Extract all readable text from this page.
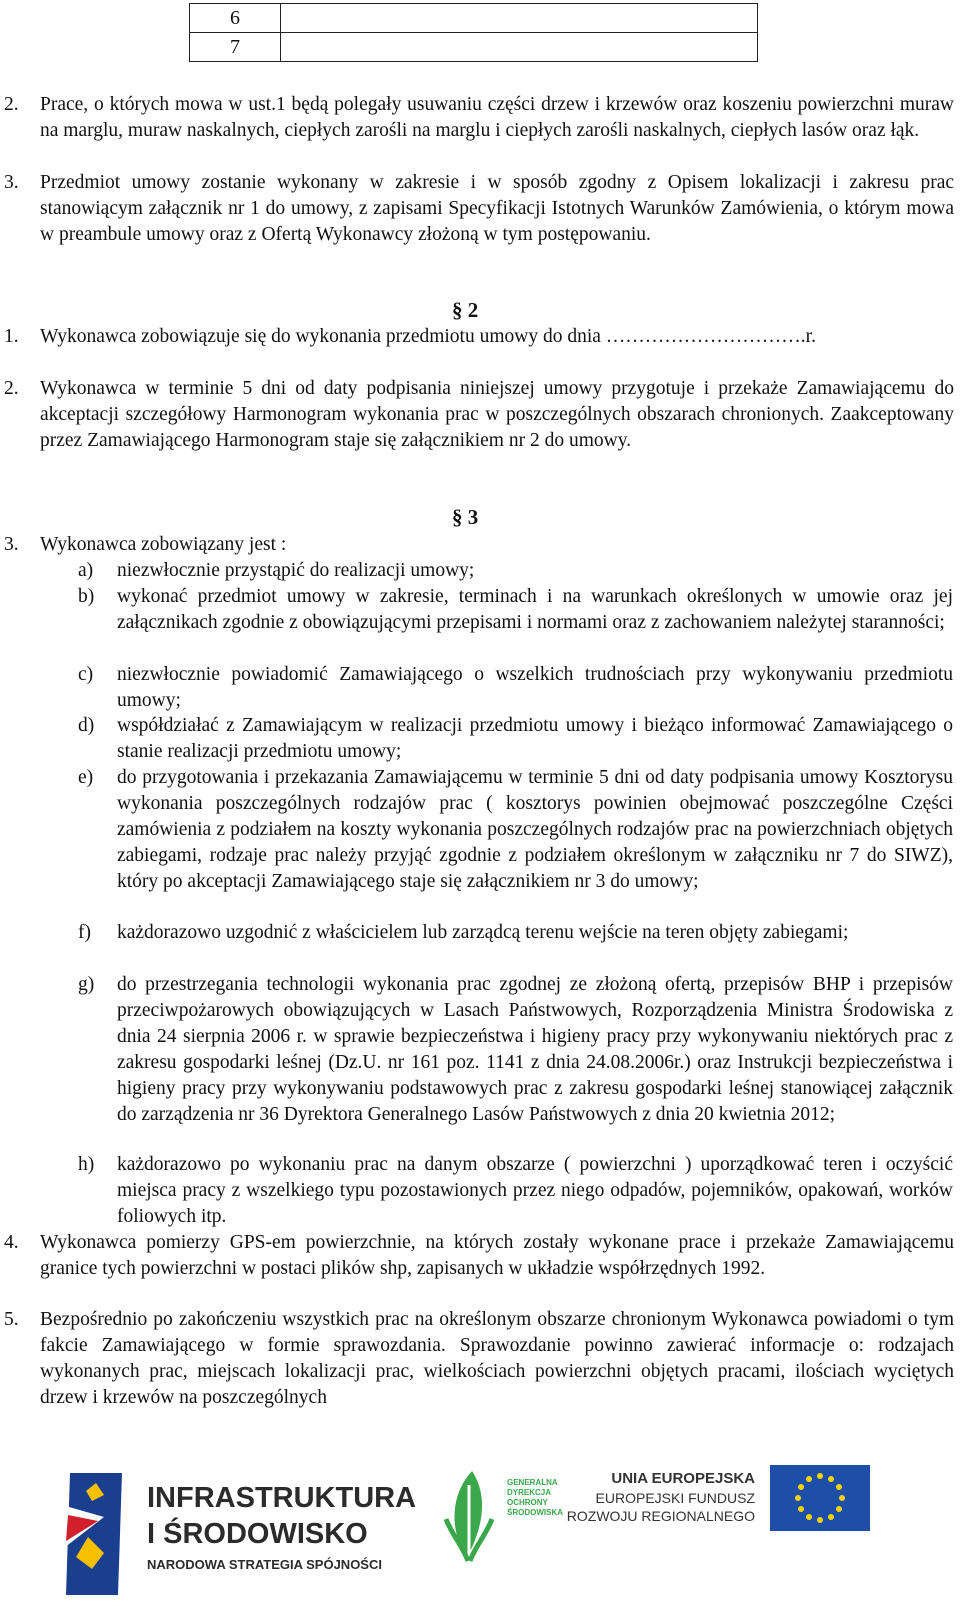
6	
7	

2. Prace, o których mowa w ust.1 będą polegały usuwaniu części drzew i krzewów oraz koszeniu powierzchni muraw na marglu, muraw naskalnych, ciepłych zarośli na marglu i ciepłych zarośli naskalnych, ciepłych lasów oraz łąk.

3. Przedmiot umowy zostanie wykonany w zakresie i w sposób zgodny z Opisem lokalizacji i zakresu prac stanowiącym załącznik nr 1 do umowy, z zapisami Specyfikacji Istotnych Warunków Zamówienia, o którym mowa w preambule umowy oraz z Ofertą Wykonawcy złożoną w tym postępowaniu.

§ 2

1. Wykonawca zobowiązuje się do wykonania przedmiotu umowy do dnia ………………………….r.

2. Wykonawca w terminie 5 dni od daty podpisania niniejszej umowy przygotuje i przekaże Zamawiającemu do akceptacji szczegółowy Harmonogram wykonania prac w poszczególnych obszarach chronionych. Zaakceptowany przez Zamawiającego Harmonogram staje się załącznikiem nr 2 do umowy.

§ 3

3. Wykonawca zobowiązany jest :

a) niezwłocznie przystąpić do realizacji umowy;

b) wykonać przedmiot umowy w zakresie, terminach i na warunkach określonych w umowie oraz jej załącznikach zgodnie z obowiązującymi przepisami i normami oraz z zachowaniem należytej staranności;

c) niezwłocznie powiadomić Zamawiającego o wszelkich trudnościach przy wykonywaniu przedmiotu umowy;

d) współdziałać z Zamawiającym w realizacji przedmiotu umowy i bieżąco informować Zamawiającego o stanie realizacji przedmiotu umowy;

e) do przygotowania i przekazania Zamawiającemu w terminie 5 dni od daty podpisania umowy Kosztorysu wykonania poszczególnych rodzajów prac ( kosztorys powinien obejmować poszczególne Części zamówienia z podziałem na koszty wykonania poszczególnych rodzajów prac na powierzchniach objętych zabiegami, rodzaje prac należy przyjąć zgodnie z podziałem określonym w załączniku nr 7 do SIWZ), który po akceptacji Zamawiającego staje się załącznikiem nr 3 do umowy;

f) każdorazowo uzgodnić z właścicielem lub zarządcą terenu wejście na teren objęty zabiegami;

g) do przestrzegania technologii wykonania prac zgodnej ze złożoną ofertą, przepisów BHP i przepisów przeciwpożarowych obowiązujących w Lasach Państwowych, Rozporządzenia Ministra Środowiska z dnia 24 sierpnia 2006 r. w sprawie bezpieczeństwa i higieny pracy przy wykonywaniu niektórych prac z zakresu gospodarki leśnej (Dz.U. nr 161 poz. 1141 z dnia 24.08.2006r.) oraz Instrukcji bezpieczeństwa i higieny pracy przy wykonywaniu podstawowych prac z zakresu gospodarki leśnej stanowiącej załącznik do zarządzenia nr 36 Dyrektora Generalnego Lasów Państwowych z dnia 20 kwietnia 2012;

h) każdorazowo po wykonaniu prac na danym obszarze ( powierzchni ) uporządkować teren i oczyścić miejsca pracy z wszelkiego typu pozostawionych przez niego odpadów, pojemników, opakowań, worków foliowych itp.

4. Wykonawca pomierzy GPS-em powierzchnie, na których zostały wykonane prace i przekaże Zamawiającemu granice tych powierzchni w postaci plików shp, zapisanych w układzie współrzędnych 1992.

5. Bezpośrednio po zakończeniu wszystkich prac na określonym obszarze chronionym Wykonawca powiadomi o tym fakcie Zamawiającego w formie sprawozdania. Sprawozdanie powinno zawierać informacje o: rodzajach wykonanych prac, miejscach lokalizacji prac, wielkościach powierzchni objętych pracami, ilościach wyciętych drzew i krzewów na poszczególnych

INFRASTRUKTURA
I ŚRODOWISKO
NARODOWA STRATEGIA SPÓJNOŚCI
GENERALNA
DYREKCJA
OCHRONY
ŚRODOWISKA
UNIA EUROPEJSKA
EUROPEJSKI FUNDUSZ
ROZWOJU REGIONALNEGO
